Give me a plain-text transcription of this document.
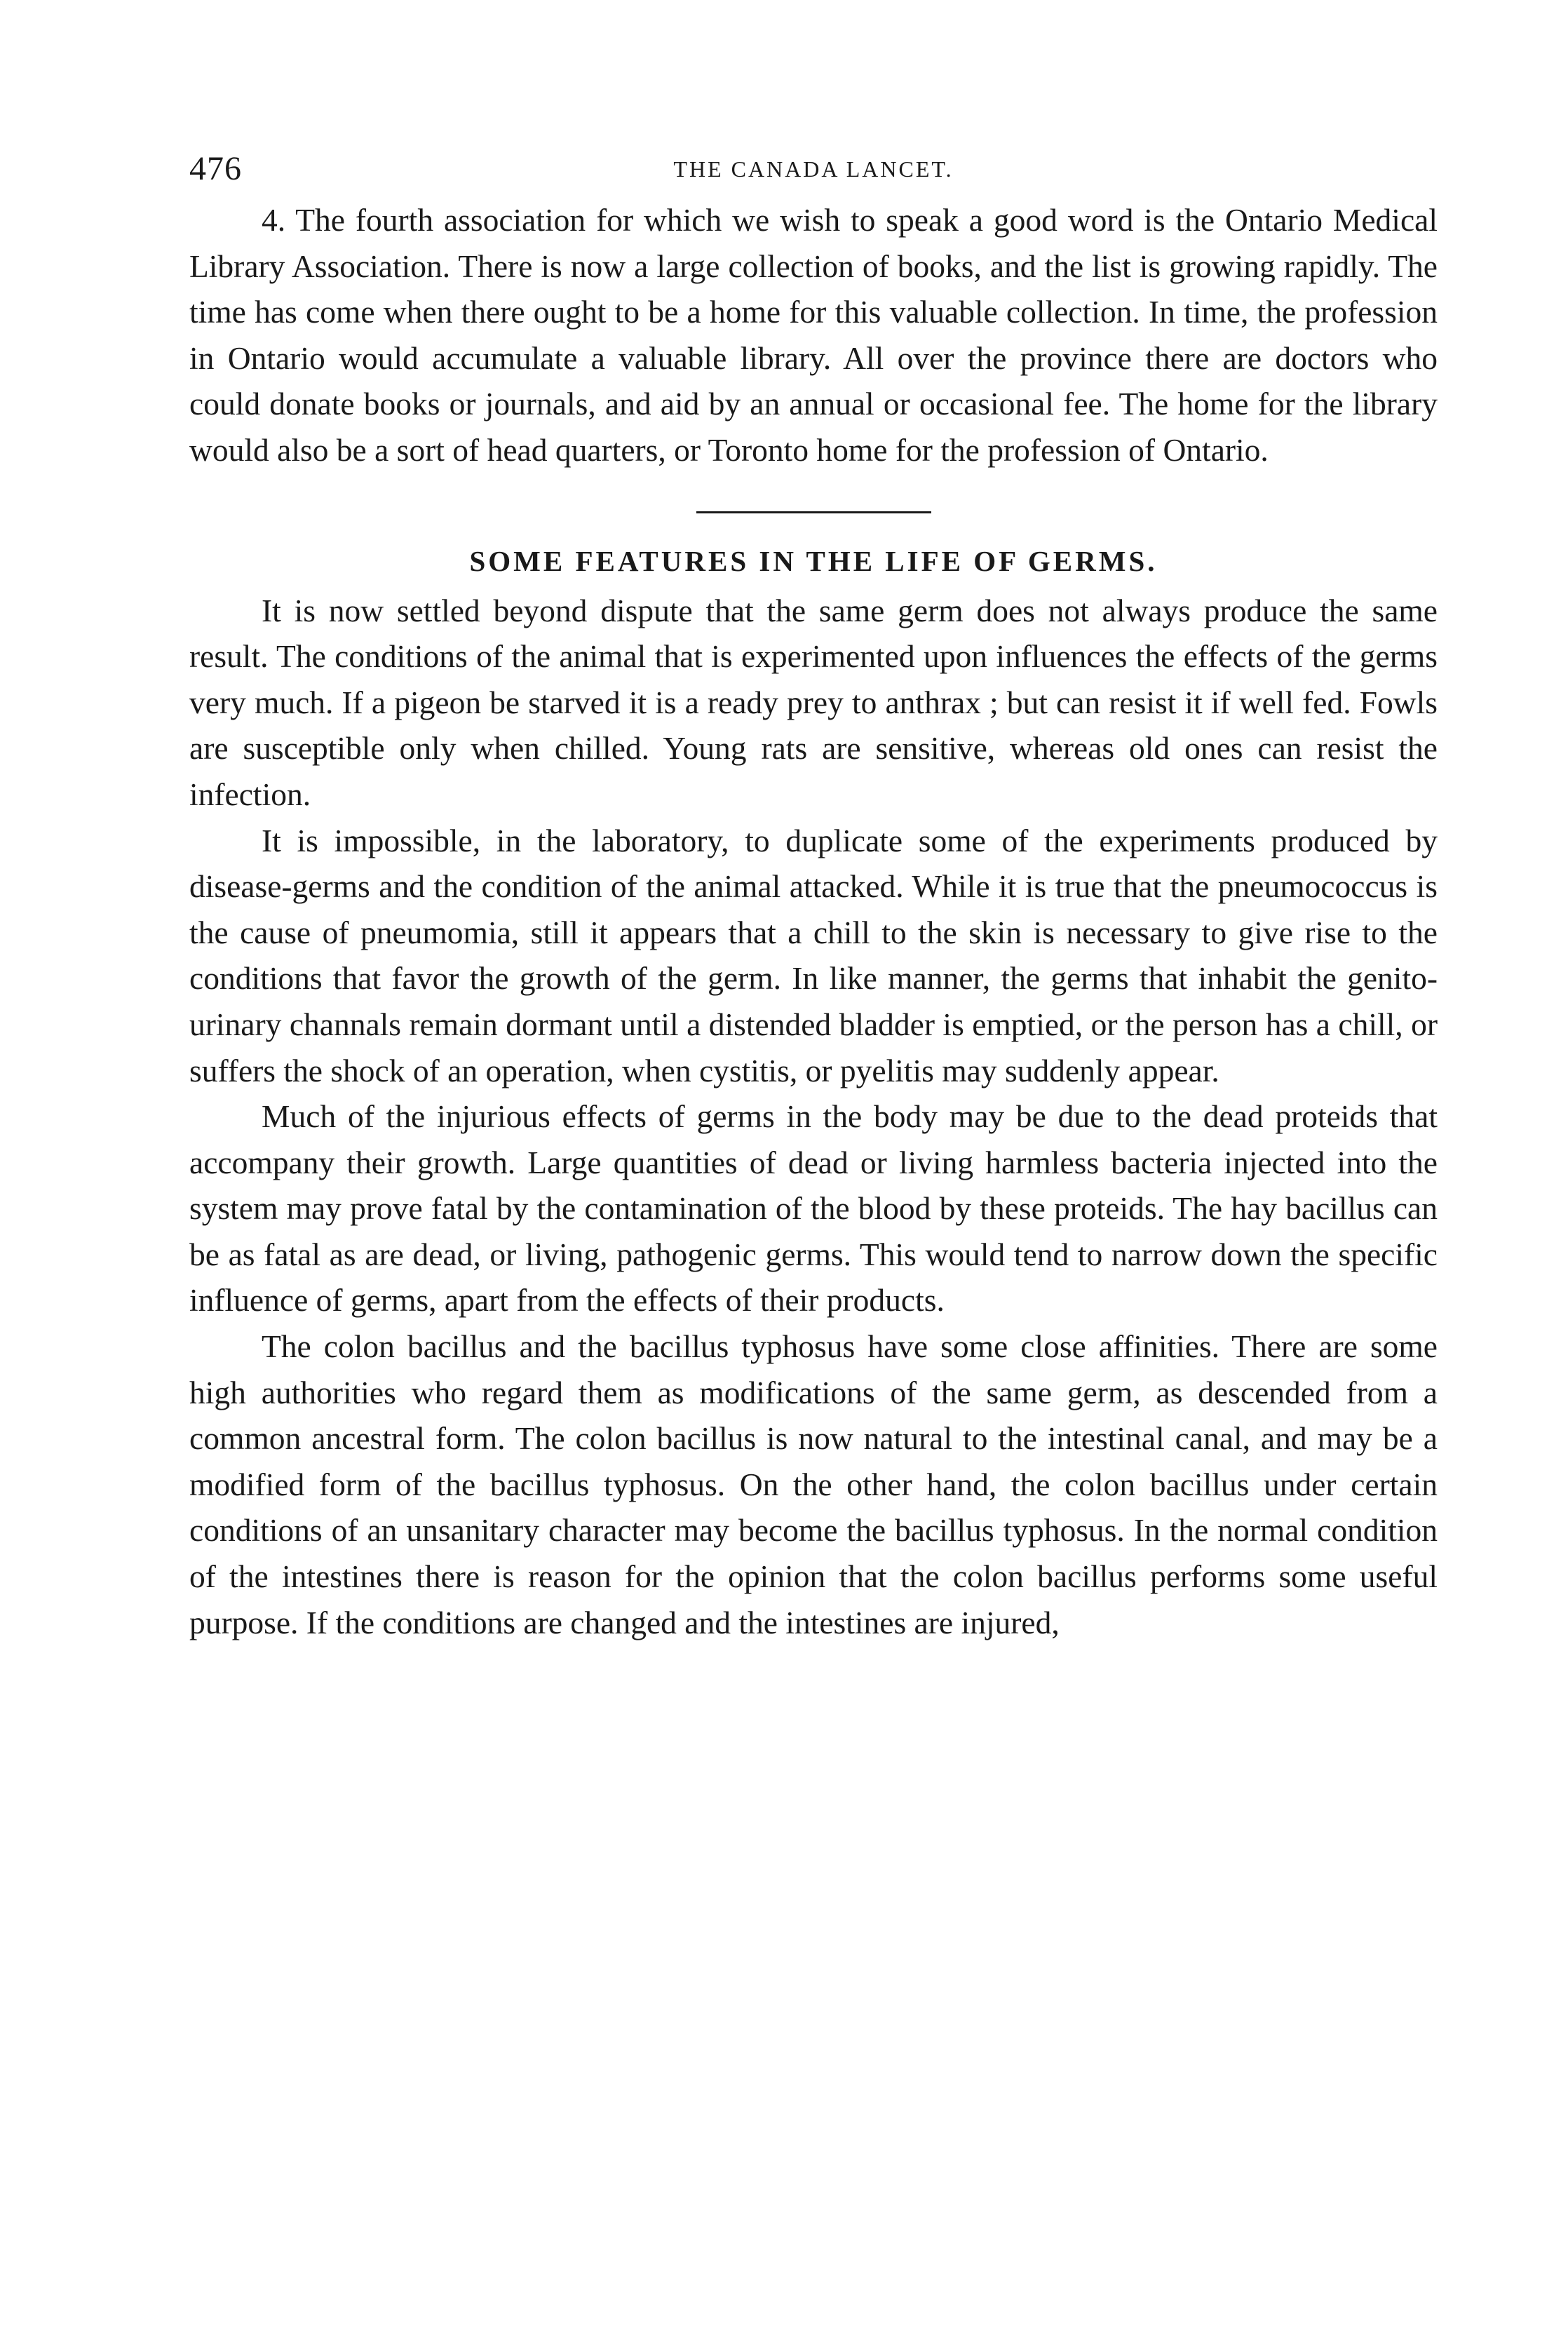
476	THE CANADA LANCET.

4. The fourth association for which we wish to speak a good word is the Ontario Medical Library Association. There is now a large collection of books, and the list is growing rapidly. The time has come when there ought to be a home for this valuable collection. In time, the profession in Ontario would accumulate a valuable library. All over the province there are doctors who could donate books or journals, and aid by an annual or occasional fee. The home for the library would also be a sort of head quarters, or Toronto home for the profession of Ontario.

SOME FEATURES IN THE LIFE OF GERMS.

It is now settled beyond dispute that the same germ does not always produce the same result. The conditions of the animal that is experimented upon influences the effects of the germs very much. If a pigeon be starved it is a ready prey to anthrax ; but can resist it if well fed. Fowls are susceptible only when chilled. Young rats are sensitive, whereas old ones can resist the infection.

It is impossible, in the laboratory, to duplicate some of the experiments produced by disease-germs and the condition of the animal attacked. While it is true that the pneumococcus is the cause of pneumomia, still it appears that a chill to the skin is necessary to give rise to the conditions that favor the growth of the germ. In like manner, the germs that inhabit the genito-urinary channals remain dormant until a distended bladder is emptied, or the person has a chill, or suffers the shock of an operation, when cystitis, or pyelitis may suddenly appear.

Much of the injurious effects of germs in the body may be due to the dead proteids that accompany their growth. Large quantities of dead or living harmless bacteria injected into the system may prove fatal by the contamination of the blood by these proteids. The hay bacillus can be as fatal as are dead, or living, pathogenic germs. This would tend to narrow down the specific influence of germs, apart from the effects of their products.

The colon bacillus and the bacillus typhosus have some close affinities. There are some high authorities who regard them as modifications of the same germ, as descended from a common ancestral form. The colon bacillus is now natural to the intestinal canal, and may be a modified form of the bacillus typhosus. On the other hand, the colon bacillus under certain conditions of an unsanitary character may become the bacillus typhosus. In the normal condition of the intestines there is reason for the opinion that the colon bacillus performs some useful purpose. If the conditions are changed and the intestines are injured,
